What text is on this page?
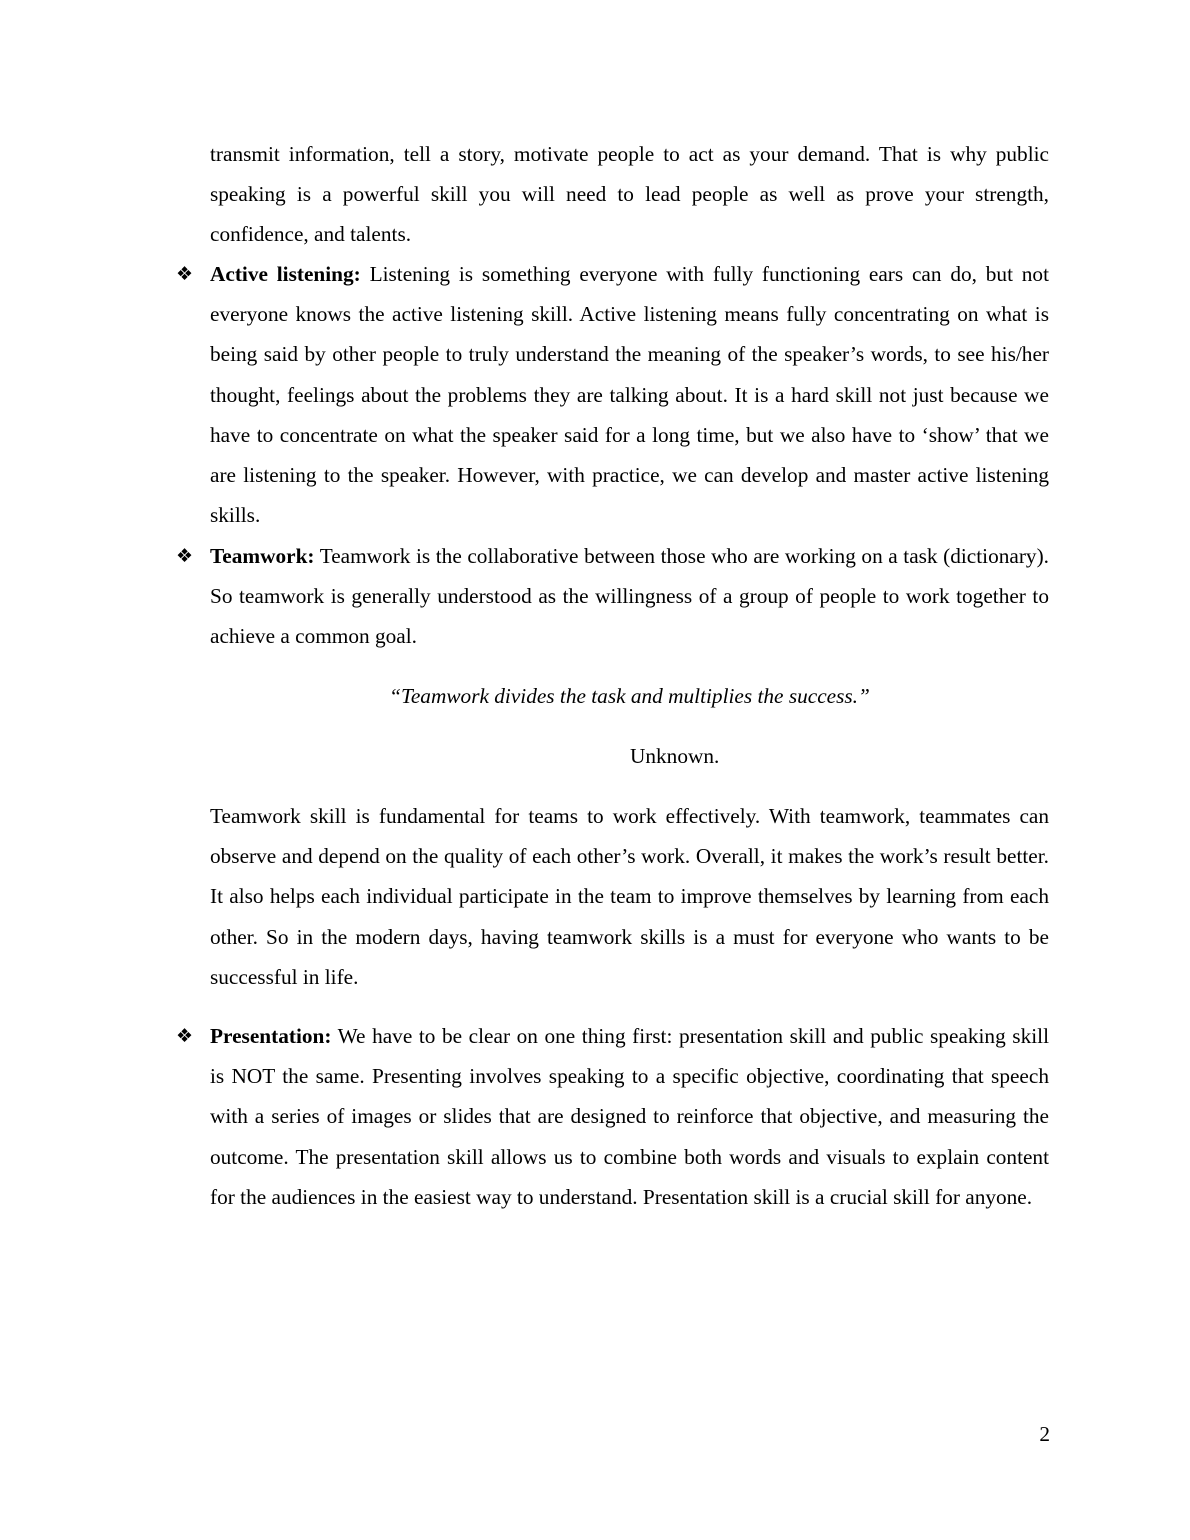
transmit information, tell a story, motivate people to act as your demand. That is why public speaking is a powerful skill you will need to lead people as well as prove your strength, confidence, and talents.

❖ Active listening: Listening is something everyone with fully functioning ears can do, but not everyone knows the active listening skill. Active listening means fully concentrating on what is being said by other people to truly understand the meaning of the speaker’s words, to see his/her thought, feelings about the problems they are talking about. It is a hard skill not just because we have to concentrate on what the speaker said for a long time, but we also have to ‘show’ that we are listening to the speaker. However, with practice, we can develop and master active listening skills.

❖ Teamwork: Teamwork is the collaborative between those who are working on a task (dictionary). So teamwork is generally understood as the willingness of a group of people to work together to achieve a common goal.

“Teamwork divides the task and multiplies the success.”

Unknown.

Teamwork skill is fundamental for teams to work effectively. With teamwork, teammates can observe and depend on the quality of each other’s work. Overall, it makes the work’s result better. It also helps each individual participate in the team to improve themselves by learning from each other. So in the modern days, having teamwork skills is a must for everyone who wants to be successful in life.

❖ Presentation: We have to be clear on one thing first: presentation skill and public speaking skill is NOT the same. Presenting involves speaking to a specific objective, coordinating that speech with a series of images or slides that are designed to reinforce that objective, and measuring the outcome. The presentation skill allows us to combine both words and visuals to explain content for the audiences in the easiest way to understand. Presentation skill is a crucial skill for anyone.

2
